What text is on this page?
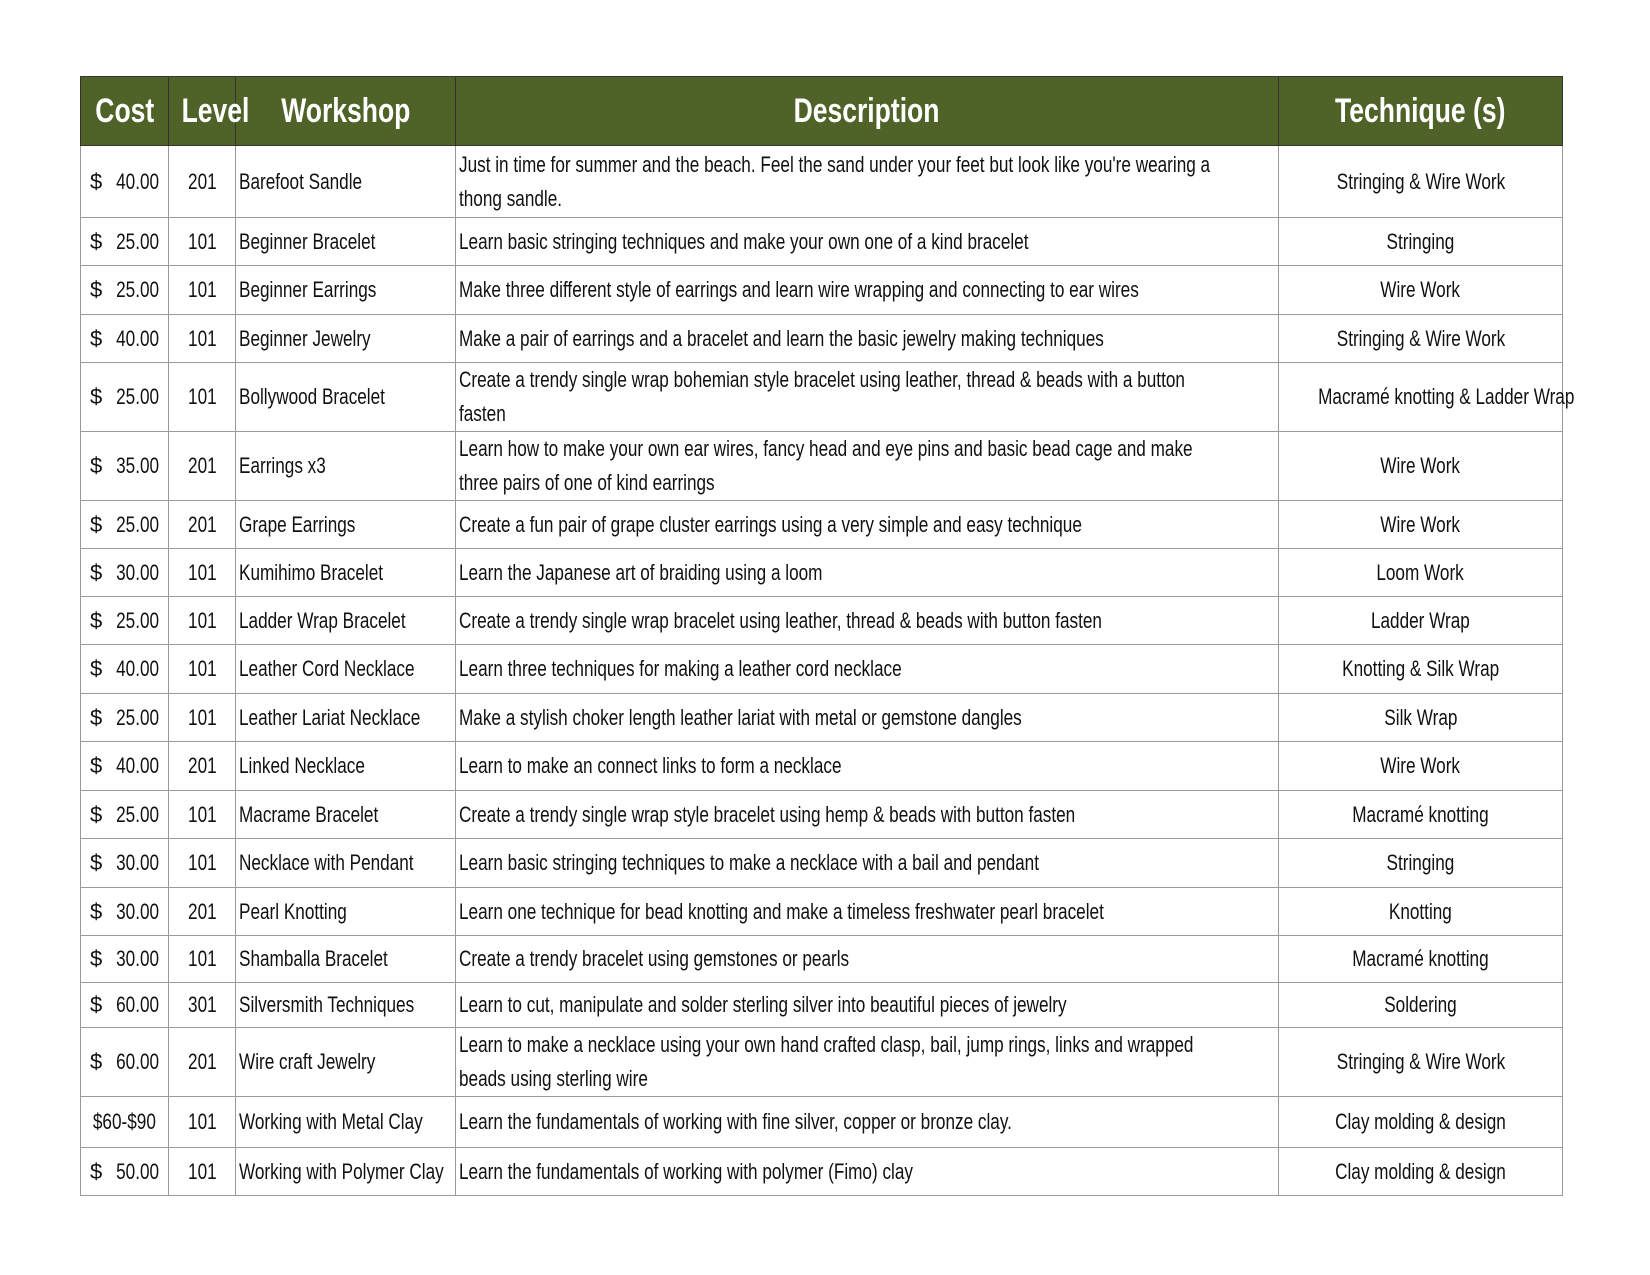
Cost	Level	Workshop	Description	Technique (s)

$ 40.00	201	Barefoot Sandle	Just in time for summer and the beach. Feel the sand under your feet but look like you're wearing a thong sandle.	Stringing & Wire Work

$ 25.00	101	Beginner Bracelet	Learn basic stringing techniques and make your own one of a kind bracelet	Stringing

$ 25.00	101	Beginner Earrings	Make three different style of earrings and learn wire wrapping and connecting to ear wires	Wire Work

$ 40.00	101	Beginner Jewelry	Make a pair of earrings and a bracelet and learn the basic jewelry making techniques	Stringing & Wire Work

$ 25.00	101	Bollywood Bracelet	Create a trendy single wrap bohemian style bracelet using leather, thread & beads with a button fasten	Macramé knotting & Ladder Wrap

$ 35.00	201	Earrings x3	Learn how to make your own ear wires, fancy head and eye pins and basic bead cage and make three pairs of one of kind earrings	Wire Work

$ 25.00	201	Grape Earrings	Create a fun pair of grape cluster earrings using a very simple and easy technique	Wire Work

$ 30.00	101	Kumihimo Bracelet	Learn the Japanese art of braiding using a loom	Loom Work

$ 25.00	101	Ladder Wrap Bracelet	Create a trendy single wrap bracelet using leather, thread & beads with button fasten	Ladder Wrap

$ 40.00	101	Leather Cord Necklace	Learn three techniques for making a leather cord necklace	Knotting & Silk Wrap

$ 25.00	101	Leather Lariat Necklace	Make a stylish choker length leather lariat with metal or gemstone dangles	Silk Wrap

$ 40.00	201	Linked Necklace	Learn to make an connect links to form a necklace	Wire Work

$ 25.00	101	Macrame Bracelet	Create a trendy single wrap style bracelet using hemp & beads with button fasten	Macramé knotting

$ 30.00	101	Necklace with Pendant	Learn basic stringing techniques to make a necklace with a bail and pendant	Stringing

$ 30.00	201	Pearl Knotting	Learn one technique for bead knotting and make a timeless freshwater pearl bracelet	Knotting

$ 30.00	101	Shamballa Bracelet	Create a trendy bracelet using gemstones or pearls	Macramé knotting

$ 60.00	301	Silversmith Techniques	Learn to cut, manipulate and solder sterling silver into beautiful pieces of jewelry	Soldering

$ 60.00	201	Wire craft Jewelry	Learn to make a necklace using your own hand crafted clasp, bail, jump rings, links and wrapped beads using sterling wire	Stringing & Wire Work
$60-$90	101	Working with Metal Clay	Learn the fundamentals of working with fine silver, copper or bronze clay.	Clay molding & design

$ 50.00	101	Working with Polymer Clay	Learn the fundamentals of working with polymer (Fimo) clay	Clay molding & design
